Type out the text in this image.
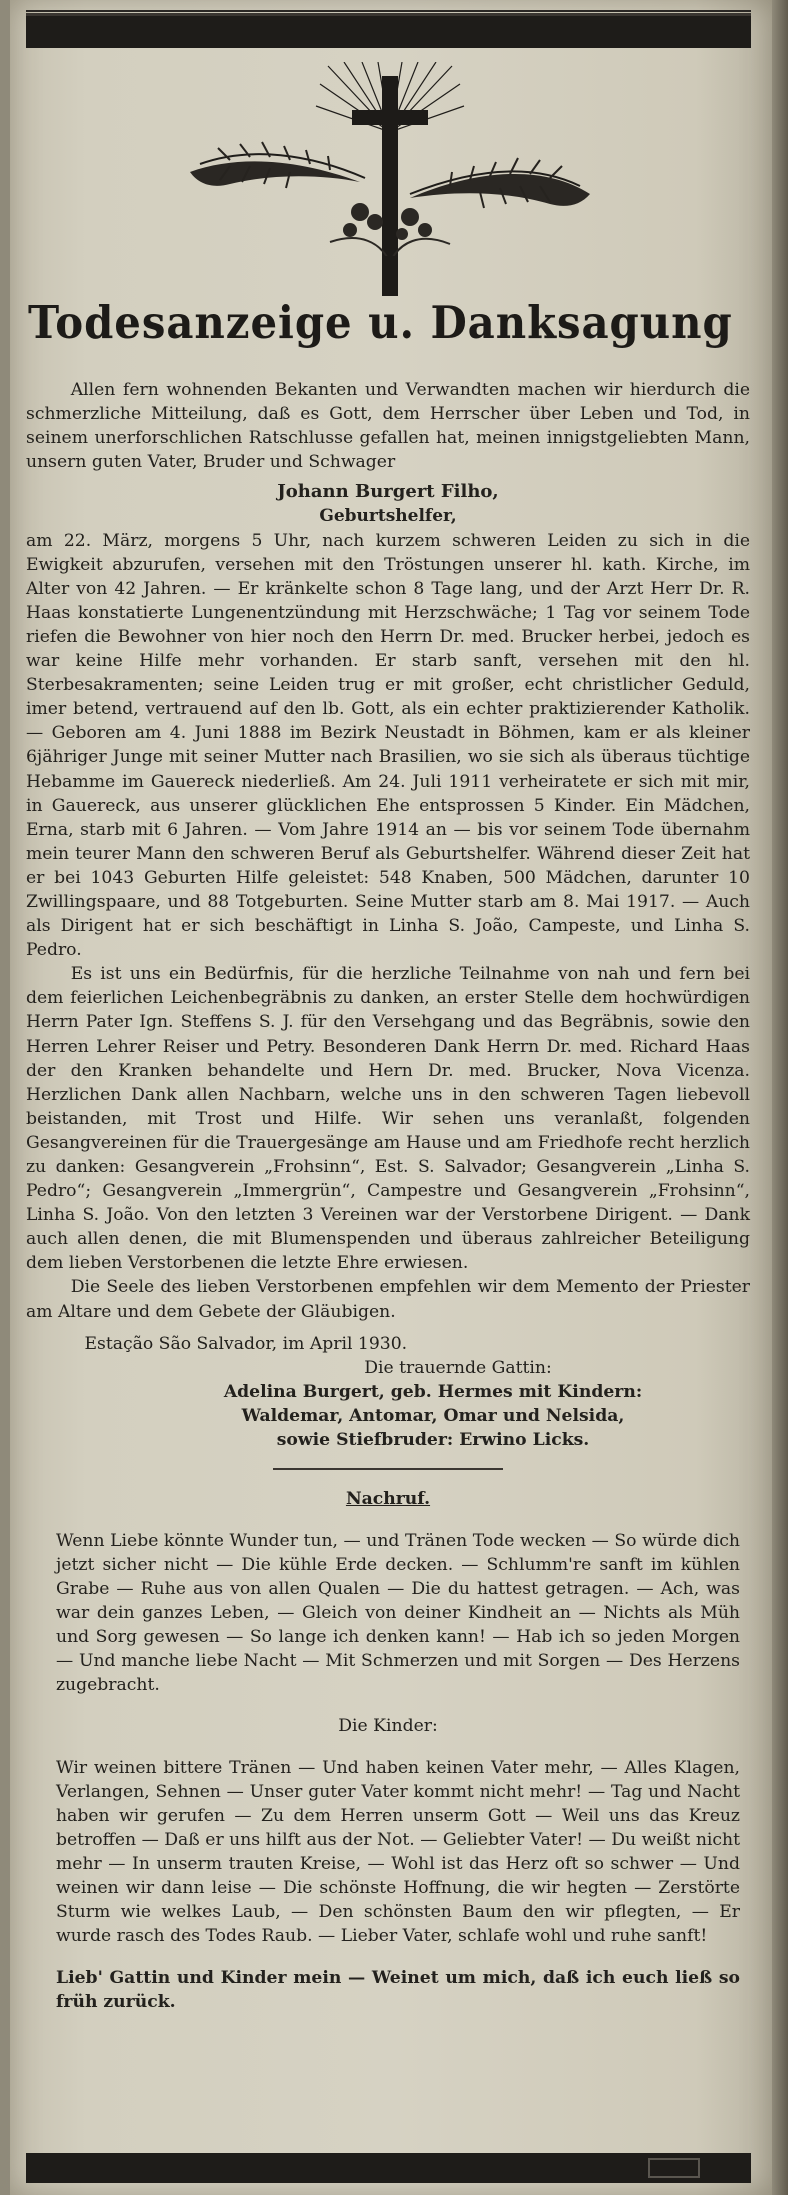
Todesanzeige u. Danksagung

Allen fern wohnenden Bekanten und Verwandten machen wir hierdurch die schmerzliche Mitteilung, daß es Gott, dem Herrscher über Leben und Tod, in seinem unerforschlichen Ratschlusse gefallen hat, meinen innigstgeliebten Mann, unsern guten Vater, Bruder und Schwager

Johann Burgert Filho,

Geburtshelfer,

am 22. März, morgens 5 Uhr, nach kurzem schweren Leiden zu sich in die Ewigkeit abzurufen, versehen mit den Tröstungen unserer hl. kath. Kirche, im Alter von 42 Jahren. — Er kränkelte schon 8 Tage lang, und der Arzt Herr Dr. R. Haas konstatierte Lungenentzündung mit Herzschwäche; 1 Tag vor seinem Tode riefen die Bewohner von hier noch den Herrn Dr. med. Brucker herbei, jedoch es war keine Hilfe mehr vorhanden. Er starb sanft, versehen mit den hl. Sterbesakramenten; seine Leiden trug er mit großer, echt christlicher Geduld, imer betend, vertrauend auf den lb. Gott, als ein echter praktizierender Katholik. — Geboren am 4. Juni 1888 im Bezirk Neustadt in Böhmen, kam er als kleiner 6jähriger Junge mit seiner Mutter nach Brasilien, wo sie sich als überaus tüchtige Hebamme im Gauereck niederließ. Am 24. Juli 1911 verheiratete er sich mit mir, in Gauereck, aus unserer glücklichen Ehe entsprossen 5 Kinder. Ein Mädchen, Erna, starb mit 6 Jahren. — Vom Jahre 1914 an — bis vor seinem Tode übernahm mein teurer Mann den schweren Beruf als Geburtshelfer. Während dieser Zeit hat er bei 1043 Geburten Hilfe geleistet: 548 Knaben, 500 Mädchen, darunter 10 Zwillingspaare, und 88 Totgeburten. Seine Mutter starb am 8. Mai 1917. — Auch als Dirigent hat er sich beschäftigt in Linha S. João, Campeste, und Linha S. Pedro.

Es ist uns ein Bedürfnis, für die herzliche Teilnahme von nah und fern bei dem feierlichen Leichenbegräbnis zu danken, an erster Stelle dem hochwürdigen Herrn Pater Ign. Steffens S. J. für den Versehgang und das Begräbnis, sowie den Herren Lehrer Reiser und Petry. Besonderen Dank Herrn Dr. med. Richard Haas der den Kranken behandelte und Hern Dr. med. Brucker, Nova Vicenza. Herzlichen Dank allen Nachbarn, welche uns in den schweren Tagen liebevoll beistanden, mit Trost und Hilfe. Wir sehen uns veranlaßt, folgenden Gesangvereinen für die Trauergesänge am Hause und am Friedhofe recht herzlich zu danken: Gesangverein „Frohsinn“, Est. S. Salvador; Gesangverein „Linha S. Pedro“; Gesangverein „Immergrün“, Campestre und Gesangverein „Frohsinn“, Linha S. João. Von den letzten 3 Vereinen war der Verstorbene Dirigent. — Dank auch allen denen, die mit Blumenspenden und überaus zahlreicher Beteiligung dem lieben Verstorbenen die letzte Ehre erwiesen.

Die Seele des lieben Verstorbenen empfehlen wir dem Memento der Priester am Altare und dem Gebete der Gläubigen.

Estação São Salvador, im April 1930.

Die trauernde Gattin:

Adelina Burgert, geb. Hermes mit Kindern:

Waldemar, Antomar, Omar und Nelsida,

sowie Stiefbruder: Erwino Licks.

Nachruf.

Wenn Liebe könnte Wunder tun, — und Tränen Tode wecken — So würde dich jetzt sicher nicht — Die kühle Erde decken. — Schlumm're sanft im kühlen Grabe — Ruhe aus von allen Qualen — Die du hattest getragen. — Ach, was war dein ganzes Leben, — Gleich von deiner Kindheit an — Nichts als Müh und Sorg gewesen — So lange ich denken kann! — Hab ich so jeden Morgen — Und manche liebe Nacht — Mit Schmerzen und mit Sorgen — Des Herzens zugebracht.

Die Kinder:

Wir weinen bittere Tränen — Und haben keinen Vater mehr, — Alles Klagen, Verlangen, Sehnen — Unser guter Vater kommt nicht mehr! — Tag und Nacht haben wir gerufen — Zu dem Herren unserm Gott — Weil uns das Kreuz betroffen — Daß er uns hilft aus der Not. — Geliebter Vater! — Du weißt nicht mehr — In unserm trauten Kreise, — Wohl ist das Herz oft so schwer — Und weinen wir dann leise — Die schönste Hoffnung, die wir hegten — Zerstörte Sturm wie welkes Laub, — Den schönsten Baum den wir pflegten, — Er wurde rasch des Todes Raub. — Lieber Vater, schlafe wohl und ruhe sanft!

Lieb' Gattin und Kinder mein — Weinet um mich, daß ich euch ließ so früh zurück.
